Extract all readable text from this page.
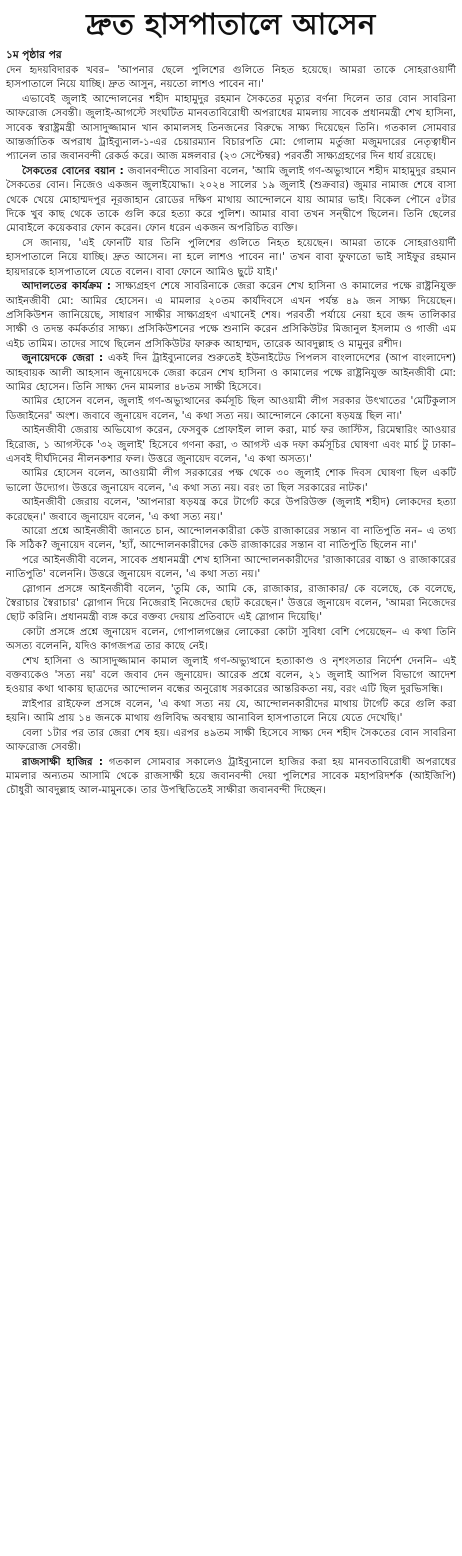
দ্রুত হাসপাতালে আসেন
১ম পৃষ্ঠার পর

দেন হৃদয়বিদারক খবর– 'আপনার ছেলে পুলিশের গুলিতে নিহত হয়েছে। আমরা তাকে সোহরাওয়ার্দী হাসপাতালে নিয়ে যাচ্ছি। দ্রুত আসুন, নয়তো লাশও পাবেন না।'

এভাবেই জুলাই আন্দোলনের শহীদ মাহামুদুর রহমান সৈকতের মৃত্যুর বর্ণনা দিলেন তার বোন সাবরিনা আফরোজ সেবন্তী। জুলাই-আগস্টে সংঘটিত মানবতাবিরোধী অপরাধের মামলায় সাবেক প্রধানমন্ত্রী শেখ হাসিনা, সাবেক স্বরাষ্ট্রমন্ত্রী আসাদুজ্জামান খান কামালসহ তিনজনের বিরুদ্ধে সাক্ষ্য দিয়েছেন তিনি। গতকাল সোমবার আন্তর্জাতিক অপরাধ ট্রাইব্যুনাল-১-এর চেয়ারম্যান বিচারপতি মো: গোলাম মর্তুজা মজুমদারের নেতৃত্বাধীন প্যানেল তার জবানবন্দী রেকর্ড করে। আজ মঙ্গলবার (২৩ সেপ্টেম্বর) পরবর্তী সাক্ষ্যগ্রহণের দিন ধার্য রয়েছে।

সৈকতের বোনের বয়ান : জবানবন্দীতে সাবরিনা বলেন, 'আমি জুলাই গণ-অভ্যুত্থানে শহীদ মাহামুদুর রহমান সৈকতের বোন। নিজেও একজন জুলাইযোদ্ধা। ২০২৪ সালের ১৯ জুলাই (শুক্রবার) জুমার নামাজ শেষে বাসা থেকে খেয়ে মোহাম্মদপুর নূরজাহান রোডের দক্ষিণ মাথায় আন্দোলনে যায় আমার ভাই। বিকেল পৌনে ৫টার দিকে খুব কাছ থেকে তাকে গুলি করে হত্যা করে পুলিশ। আমার বাবা তখন সন্দ্বীপে ছিলেন। তিনি ছেলের মোবাইলে কয়েকবার ফোন করেন। ফোন ধরেন একজন অপরিচিত ব্যক্তি।

সে জানায়, 'এই ফোনটি যার তিনি পুলিশের গুলিতে নিহত হয়েছেন। আমরা তাকে সোহরাওয়ার্দী হাসপাতালে নিয়ে যাচ্ছি। দ্রুত আসেন। না হলে লাশও পাবেন না।' তখন বাবা ফুফাতো ভাই সাইফুর রহমান হায়দারকে হাসপাতালে যেতে বলেন। বাবা ফোনে আমিও ছুটে যাই।'

আদালতের কার্যক্রম : সাক্ষ্যগ্রহণ শেষে সাবরিনাকে জেরা করেন শেখ হাসিনা ও কামালের পক্ষে রাষ্ট্রনিযুক্ত আইনজীবী মো: আমির হোসেন। এ মামলার ২০তম কার্যদিবসে এখন পর্যন্ত ৪৯ জন সাক্ষ্য দিয়েছেন। প্রসিকিউশন জানিয়েছে, সাধারণ সাক্ষীর সাক্ষ্যগ্রহণ এখানেই শেষ। পরবর্তী পর্যায়ে নেয়া হবে জব্দ তালিকার সাক্ষী ও তদন্ত কর্মকর্তার সাক্ষ্য। প্রসিকিউশনের পক্ষে শুনানি করেন প্রসিকিউটর মিজানুল ইসলাম ও গাজী এম এইচ তামিম। তাদের সাথে ছিলেন প্রসিকিউটর ফারুক আহাম্মদ, তারেক আবদুল্লাহ ও মামুনুর রশীদ।

জুনায়েদকে জেরা : একই দিন ট্রাইব্যুনালের শুরুতেই ইউনাইটেড পিপলস বাংলাদেশের (আপ বাংলাদেশ) আহবায়ক আলী আহসান জুনায়েদকে জেরা করেন শেখ হাসিনা ও কামালের পক্ষে রাষ্ট্রনিযুক্ত আইনজীবী মো: আমির হোসেন। তিনি সাক্ষ্য দেন মামলার ৪৮তম সাক্ষী হিসেবে।

আমির হোসেন বলেন, জুলাই গণ-অভ্যুত্থানের কর্মসূচি ছিল আওয়ামী লীগ সরকার উৎখাতের 'মেটিকুলাস ডিজাইনের' অংশ। জবাবে জুনায়েদ বলেন, 'এ কথা সত্য নয়। আন্দোলনে কোনো ষড়যন্ত্র ছিল না।'

আইনজীবী জেরায় অভিযোগ করেন, ফেসবুক প্রোফাইল লাল করা, মার্চ ফর জাস্টিস, রিমেম্বারিং আওয়ার হিরোজ, ১ আগস্টকে '৩২ জুলাই' হিসেবে গণনা করা, ৩ আগস্ট এক দফা কর্মসূচির ঘোষণা এবং মার্চ টু ঢাকা– এসবই দীর্ঘদিনের নীলনকশার ফল। উত্তরে জুনায়েদ বলেন, 'এ কথা অসত্য।'

আমির হোসেন বলেন, আওয়ামী লীগ সরকারের পক্ষ থেকে ৩০ জুলাই শোক দিবস ঘোষণা ছিল একটি ভালো উদ্যোগ। উত্তরে জুনায়েদ বলেন, 'এ কথা সত্য নয়। বরং তা ছিল সরকারের নাটক।'

আইনজীবী জেরায় বলেন, 'আপনারা ষড়যন্ত্র করে টার্গেট করে উপরিউক্ত (জুলাই শহীদ) লোকদের হত্যা করেছেন।' জবাবে জুনায়েদ বলেন, 'এ কথা সত্য নয়।'

আরো প্রশ্নে আইনজীবী জানতে চান, আন্দোলনকারীরা কেউ রাজাকারের সন্তান বা নাতিপুতি নন– এ তথ্য কি সঠিক? জুনায়েদ বলেন, 'হ্যাঁ, আন্দোলনকারীদের কেউ রাজাকারের সন্তান বা নাতিপুতি ছিলেন না।'

পরে আইনজীবী বলেন, সাবেক প্রধানমন্ত্রী শেখ হাসিনা আন্দোলনকারীদের 'রাজাকারের বাচ্চা ও রাজাকারের নাতিপুতি' বলেননি। উত্তরে জুনায়েদ বলেন, 'এ কথা সত্য নয়।'

স্লোগান প্রসঙ্গে আইনজীবী বলেন, 'তুমি কে, আমি কে, রাজাকার, রাজাকার/ কে বলেছে, কে বলেছে, স্বৈরাচার স্বৈরাচার' স্লোগান দিয়ে নিজেরাই নিজেদের ছোট করেছেন।' উত্তরে জুনায়েদ বলেন, 'আমরা নিজেদের ছোট করিনি। প্রধানমন্ত্রী ব্যঙ্গ করে বক্তব্য দেয়ায় প্রতিবাদে এই স্লোগান দিয়েছি।'

কোটা প্রসঙ্গে প্রশ্নে জুনায়েদ বলেন, গোপালগঞ্জের লোকেরা কোটা সুবিধা বেশি পেয়েছেন– এ কথা তিনি অসত্য বলেননি, যদিও কাগজপত্র তার কাছে নেই।

শেখ হাসিনা ও আসাদুজ্জামান কামাল জুলাই গণ-অভ্যুত্থানে হত্যাকাণ্ড ও নৃশংসতার নির্দেশ দেননি– এই বক্তব্যকেও 'সত্য নয়' বলে জবাব দেন জুনায়েদ। আরেক প্রশ্নে বলেন, ২১ জুলাই আপিল বিভাগে আদেশ হওয়ার কথা থাকায় ছাত্রদের আন্দোলন বন্ধের অনুরোধ সরকারের আন্তরিকতা নয়, বরং এটি ছিল দুরভিসন্ধি।

স্নাইপার রাইফেল প্রসঙ্গে বলেন, 'এ কথা সত্য নয় যে, আন্দোলনকারীদের মাথায় টার্গেট করে গুলি করা হয়নি। আমি প্রায় ১৪ জনকে মাথায় গুলিবিদ্ধ অবস্থায় আনাবিল হাসপাতালে নিয়ে যেতে দেখেছি।'

বেলা ১টার পর তার জেরা শেষ হয়। এরপর ৪৯তম সাক্ষী হিসেবে সাক্ষ্য দেন শহীদ সৈকতের বোন সাবরিনা আফরোজ সেবন্তী।

রাজসাক্ষী হাজির : গতকাল সোমবার সকালেও ট্রাইব্যুনালে হাজির করা হয় মানবতাবিরোধী অপরাধের মামলার অন্যতম আসামি থেকে রাজসাক্ষী হয়ে জবানবন্দী দেয়া পুলিশের সাবেক মহাপরিদর্শক (আইজিপি) চৌধুরী আবদুল্লাহ আল-মামুনকে। তার উপস্থিতিতেই সাক্ষীরা জবানবন্দী দিচ্ছেন।
